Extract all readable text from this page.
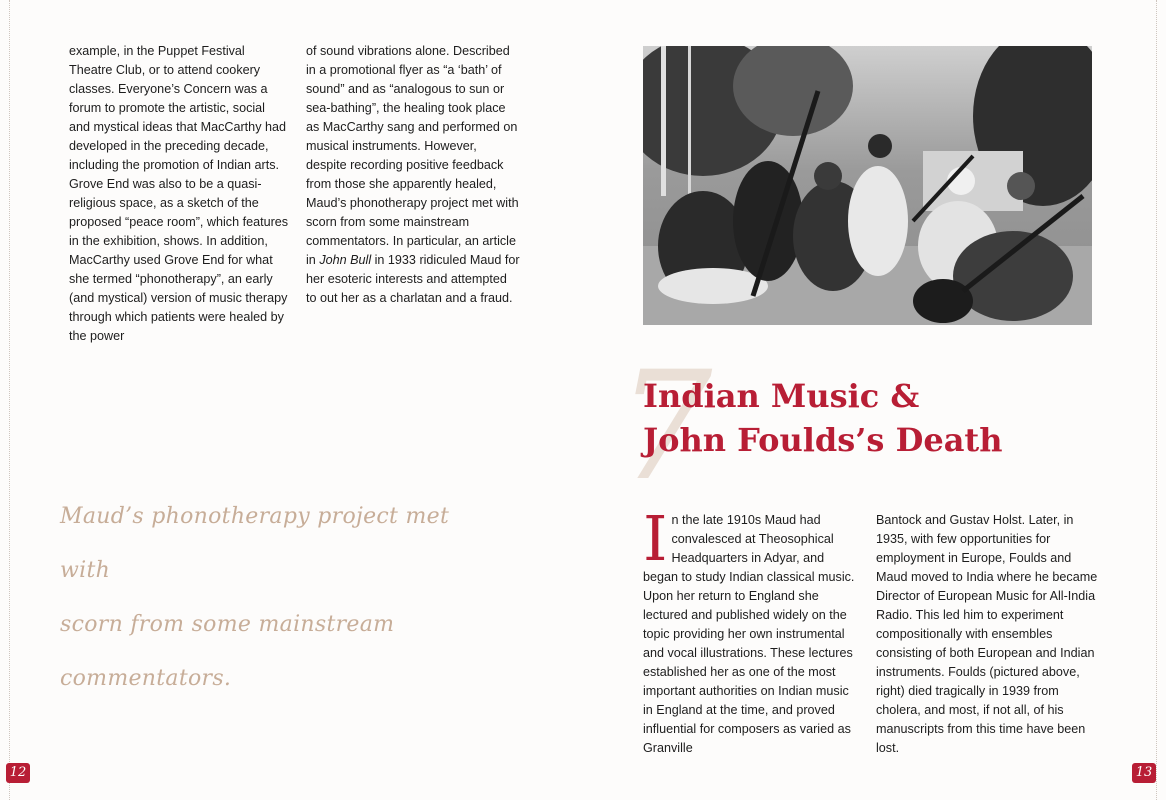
example, in the Puppet Festival Theatre Club, or to attend cookery classes. Everyone’s Concern was a forum to promote the artistic, social and mystical ideas that MacCarthy had developed in the preceding decade, including the promotion of Indian arts. Grove End was also to be a quasi-religious space, as a sketch of the proposed “peace room”, which features in the exhibition, shows. In addition, MacCarthy used Grove End for what she termed “phonotherapy”, an early (and mystical) version of music therapy through which patients were healed by the power

of sound vibrations alone. Described in a promotional flyer as “a ‘bath’ of sound” and as “analogous to sun or sea-bathing”, the healing took place as MacCarthy sang and performed on musical instruments. However, despite recording positive feedback from those she apparently healed, Maud’s phonotherapy project met with scorn from some mainstream commentators. In particular, an article in John Bull in 1933 ridiculed Maud for her esoteric interests and attempted to out her as a charlatan and a fraud.

Maud’s phonotherapy project met with
scorn from some mainstream commentators.
12
7
Indian Music &
John Foulds’s Death
I n the late 1910s Maud had convalesced at Theosophical Headquarters in Adyar, and began to study Indian classical music. Upon her return to England she lectured and published widely on the topic providing her own instrumental and vocal illustrations. These lectures established her as one of the most important authorities on Indian music in England at the time, and proved influential for composers as varied as Granville

Bantock and Gustav Holst. Later, in 1935, with few opportunities for employment in Europe, Foulds and Maud moved to India where he became Director of European Music for All-India Radio. This led him to experiment compositionally with ensembles consisting of both European and Indian instruments. Foulds (pictured above, right) died tragically in 1939 from cholera, and most, if not all, of his manuscripts from this time have been lost.

13
